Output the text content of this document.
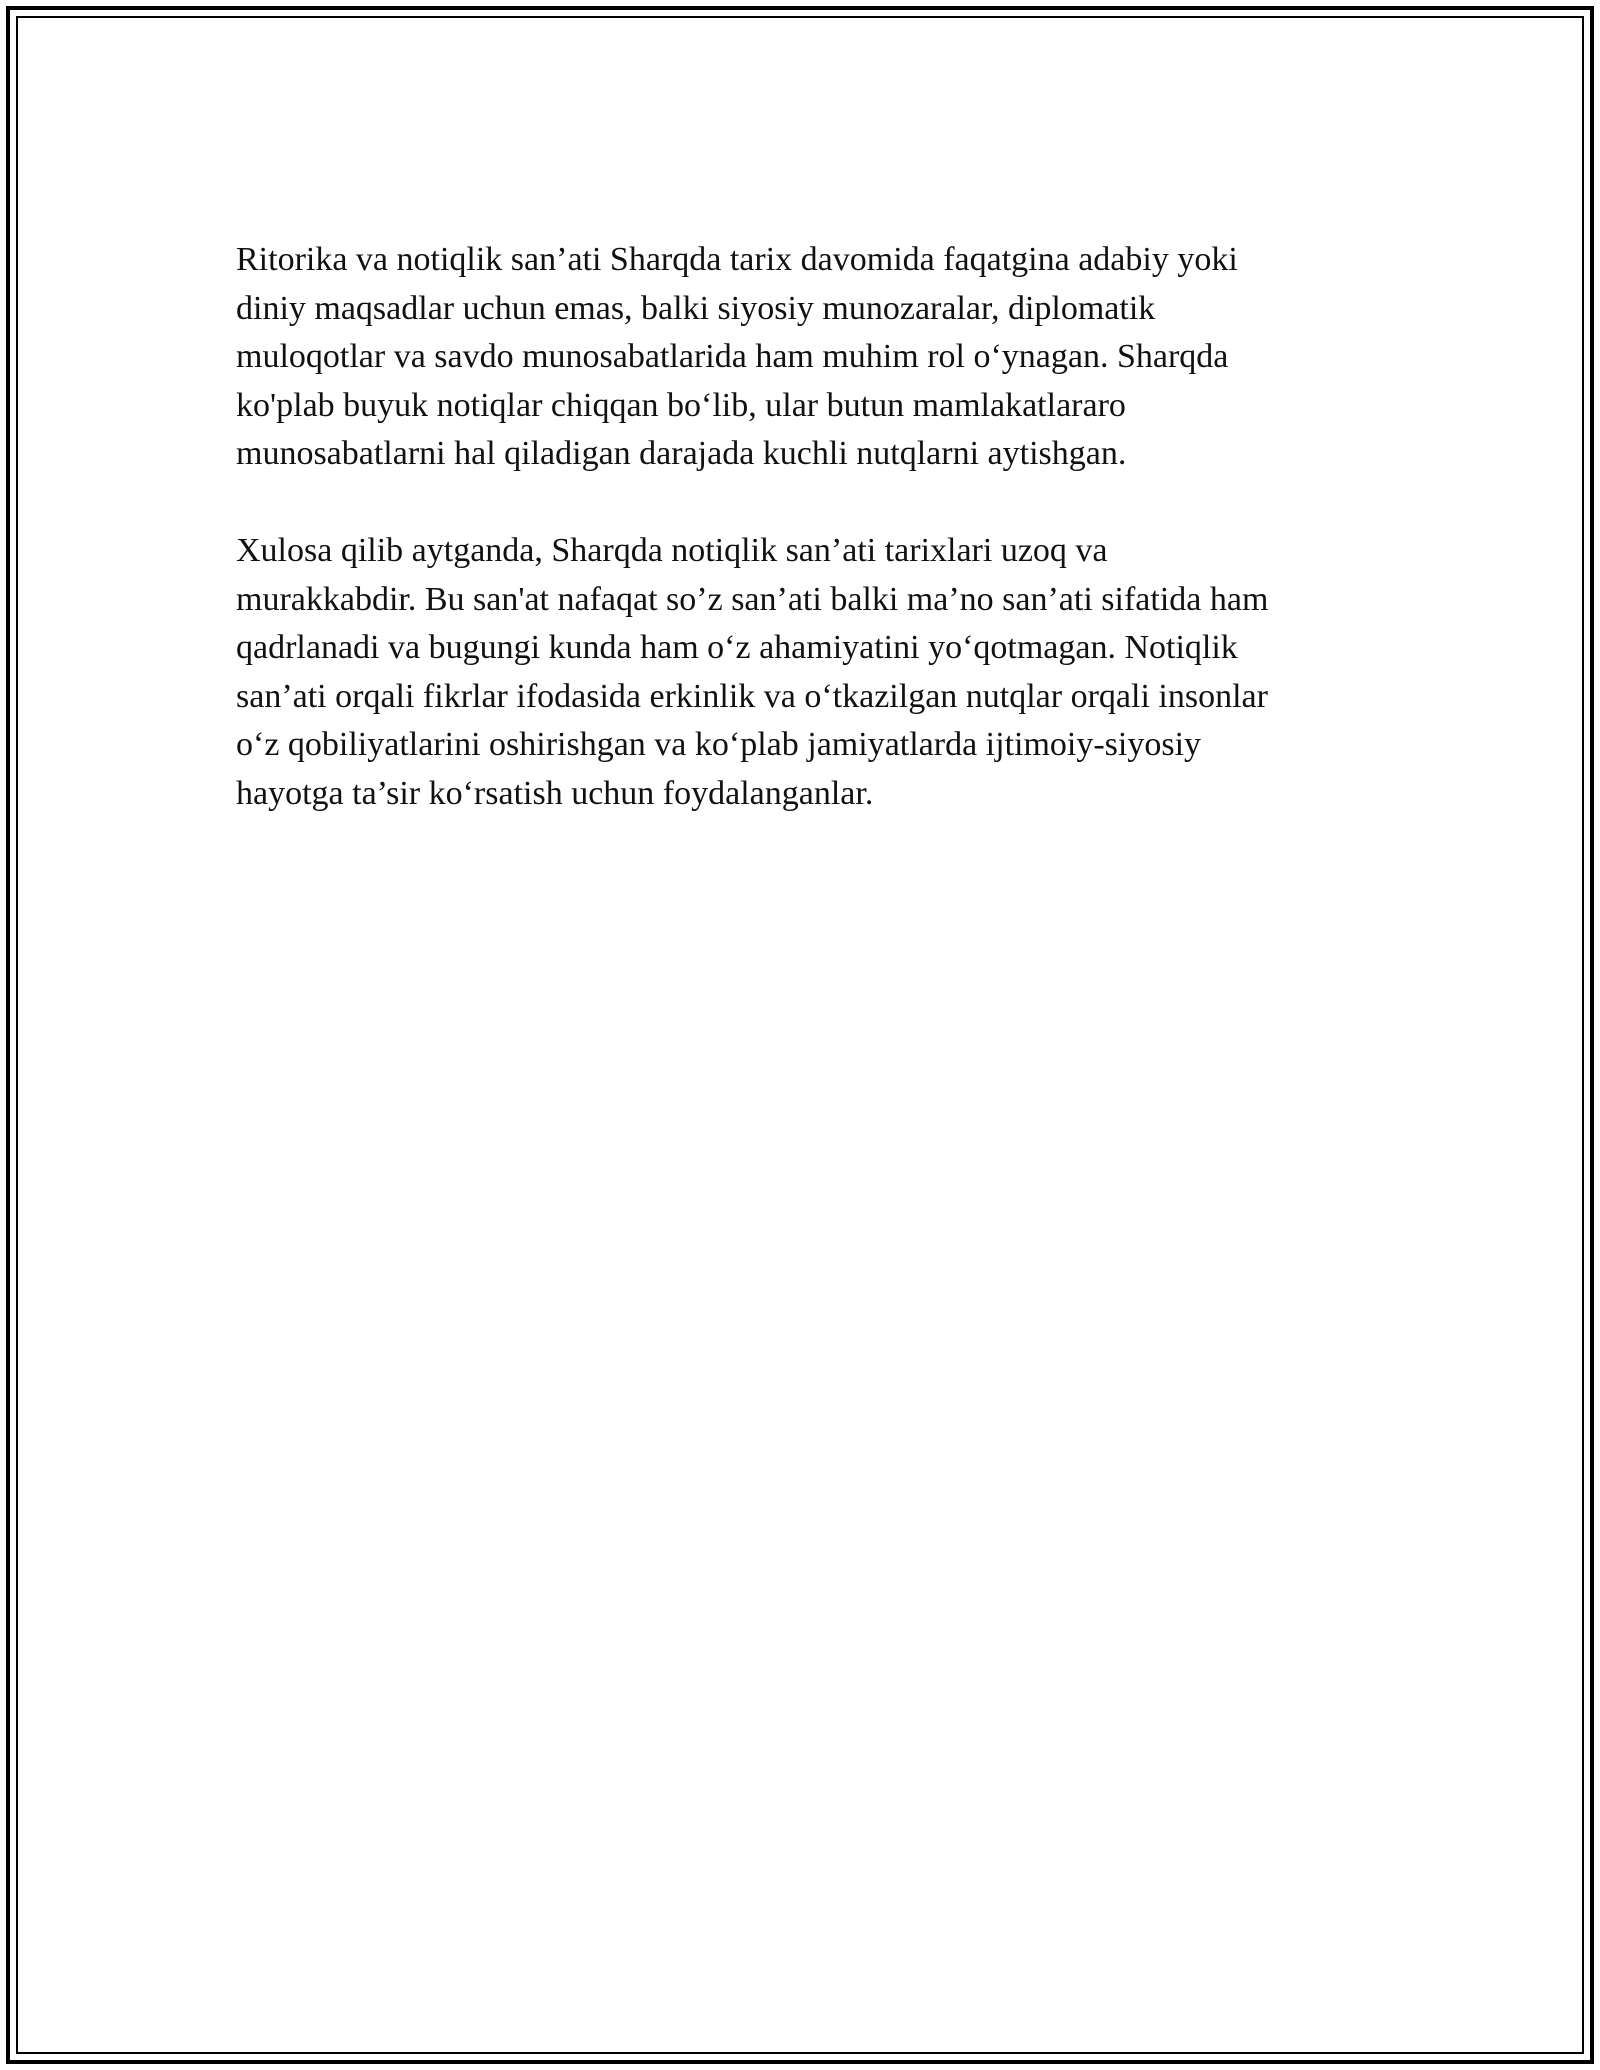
Ritorika va notiqlik san’ati Sharqda tarix davomida faqatgina adabiy yoki
diniy maqsadlar uchun emas, balki siyosiy munozaralar, diplomatik
muloqotlar va savdo munosabatlarida ham muhim rol o‘ynagan. Sharqda
ko'plab buyuk notiqlar chiqqan bo‘lib, ular butun mamlakatlararo
munosabatlarni hal qiladigan darajada kuchli nutqlarni aytishgan.

Xulosa qilib aytganda, Sharqda notiqlik san’ati tarixlari uzoq va
murakkabdir. Bu san'at nafaqat so’z san’ati balki ma’no san’ati sifatida ham
qadrlanadi va bugungi kunda ham o‘z ahamiyatini yo‘qotmagan. Notiqlik
san’ati orqali fikrlar ifodasida erkinlik va o‘tkazilgan nutqlar orqali insonlar
o‘z qobiliyatlarini oshirishgan va ko‘plab jamiyatlarda ijtimoiy-siyosiy
hayotga ta’sir ko‘rsatish uchun foydalanganlar.
